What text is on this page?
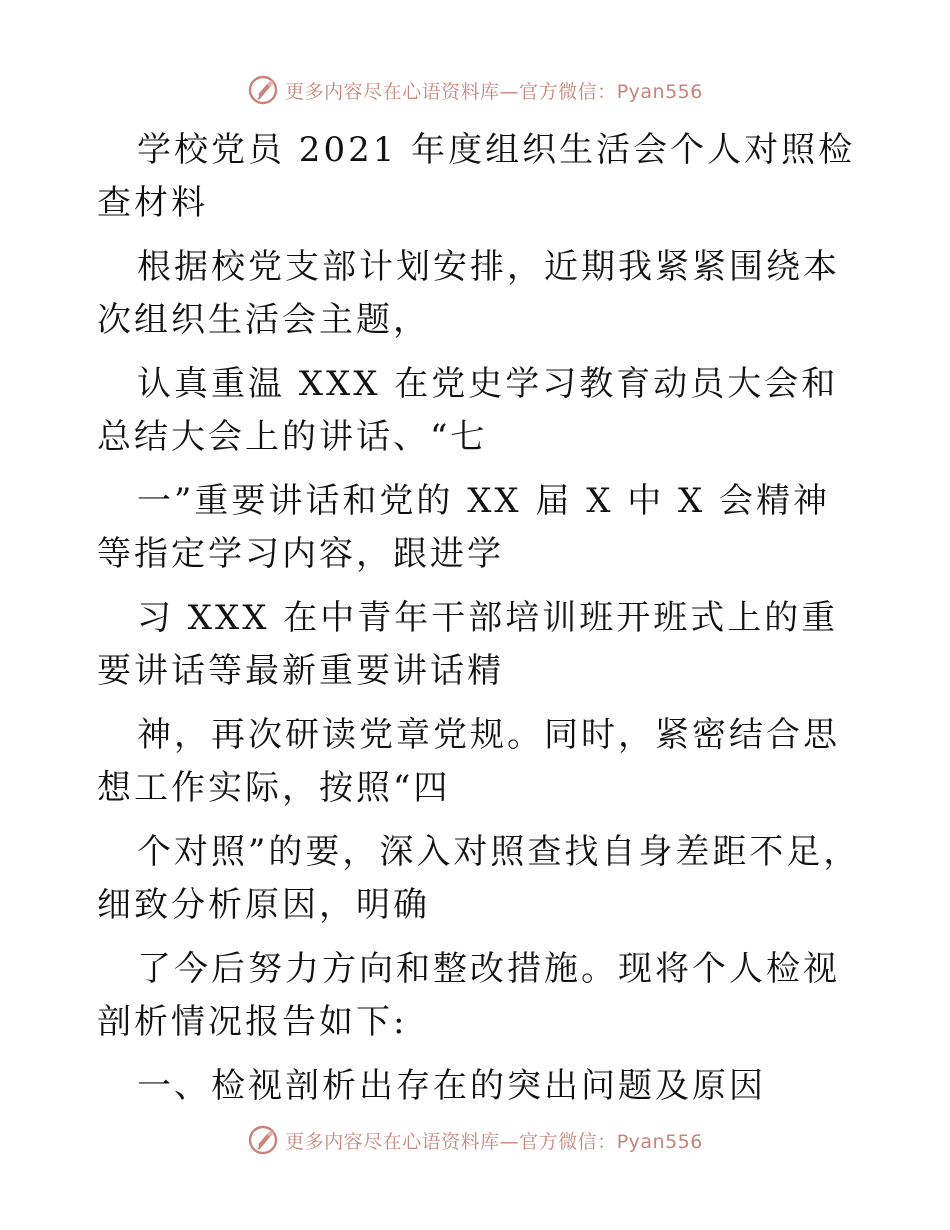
更多内容尽在心语资料库—官方微信：Pyan556

学校党员 2021 年度组织生活会个人对照检查材料

根据校党支部计划安排，近期我紧紧围绕本次组织生活会主题，

认真重温 XXX 在党史学习教育动员大会和总结大会上的讲话、“七

一”重要讲话和党的 XX 届 X 中 X 会精神等指定学习内容，跟进学

习 XXX 在中青年干部培训班开班式上的重要讲话等最新重要讲话精

神，再次研读党章党规。同时，紧密结合思想工作实际，按照“四

个对照”的要，深入对照查找自身差距不足，细致分析原因，明确

了今后努力方向和整改措施。现将个人检视剖析情况报告如下:

一、检视剖析出存在的突出问题及原因

更多内容尽在心语资料库—官方微信：Pyan556
